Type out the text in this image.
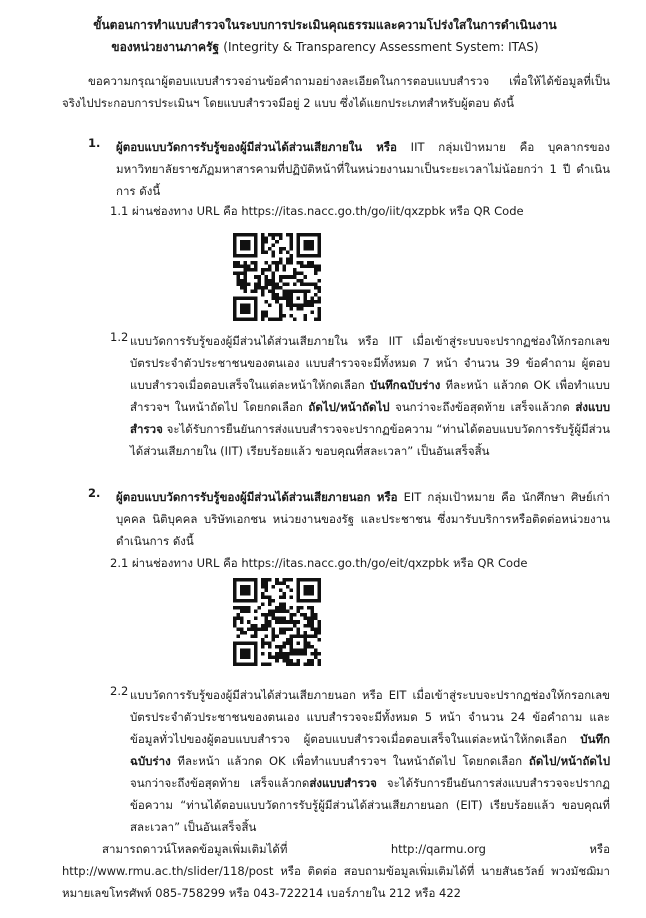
ขั้นตอนการทำแบบสำรวจในระบบการประเมินคุณธรรมและความโปร่งใสในการดำเนินงาน
ของหน่วยงานภาครัฐ (Integrity & Transparency Assessment System: ITAS)
ขอความกรุณาผู้ตอบแบบสำรวจอ่านข้อคำถามอย่างละเอียดในการตอบแบบสำรวจ เพื่อให้ได้ข้อมูลที่เป็นจริงไปประกอบการประเมินฯ โดยแบบสำรวจมีอยู่ 2 แบบ ซึ่งได้แยกประเภทสำหรับผู้ตอบ ดังนี้
1. ผู้ตอบแบบวัดการรับรู้ของผู้มีส่วนได้ส่วนเสียภายใน หรือ IIT กลุ่มเป้าหมาย คือ บุคลากรของมหาวิทยาลัยราชภัฏมหาสารคามที่ปฏิบัติหน้าที่ในหน่วยงานมาเป็นระยะเวลาไม่น้อยกว่า 1 ปี ดำเนินการ ดังนี้
1.1 ผ่านช่องทาง URL คือ https://itas.nacc.go.th/go/iit/qxzpbk หรือ QR Code
1.2 แบบวัดการรับรู้ของผู้มีส่วนได้ส่วนเสียภายใน หรือ IIT เมื่อเข้าสู่ระบบจะปรากฏช่องให้กรอกเลขบัตรประจำตัวประชาชนของตนเอง แบบสำรวจจะมีทั้งหมด 7 หน้า จำนวน 39 ข้อคำถาม ผู้ตอบแบบสำรวจเมื่อตอบเสร็จในแต่ละหน้าให้กดเลือก บันทึกฉบับร่าง ทีละหน้า แล้วกด OK เพื่อทำแบบสำรวจฯ ในหน้าถัดไป โดยกดเลือก ถัดไป/หน้าถัดไป จนกว่าจะถึงข้อสุดท้าย เสร็จแล้วกด ส่งแบบสำรวจ จะได้รับการยืนยันการส่งแบบสำรวจจะปรากฏข้อความ “ท่านได้ตอบแบบวัดการรับรู้ผู้มีส่วนได้ส่วนเสียภายใน (IIT) เรียบร้อยแล้ว ขอบคุณที่สละเวลา” เป็นอันเสร็จสิ้น
2. ผู้ตอบแบบวัดการรับรู้ของผู้มีส่วนได้ส่วนเสียภายนอก หรือ EIT กลุ่มเป้าหมาย คือ นักศึกษา ศิษย์เก่า บุคคล นิติบุคคล บริษัทเอกชน หน่วยงานของรัฐ และประชาชน ซึ่งมารับบริการหรือติดต่อหน่วยงาน ดำเนินการ ดังนี้
2.1 ผ่านช่องทาง URL คือ https://itas.nacc.go.th/go/eit/qxzpbk หรือ QR Code
2.2 แบบวัดการรับรู้ของผู้มีส่วนได้ส่วนเสียภายนอก หรือ EIT เมื่อเข้าสู่ระบบจะปรากฏช่องให้กรอกเลขบัตรประจำตัวประชาชนของตนเอง แบบสำรวจจะมีทั้งหมด 5 หน้า จำนวน 24 ข้อคำถาม และข้อมูลทั่วไปของผู้ตอบแบบสำรวจ ผู้ตอบแบบสำรวจเมื่อตอบเสร็จในแต่ละหน้าให้กดเลือก บันทึกฉบับร่าง ทีละหน้า แล้วกด OK เพื่อทำแบบสำรวจฯ ในหน้าถัดไป โดยกดเลือก ถัดไป/หน้าถัดไป จนกว่าจะถึงข้อสุดท้าย เสร็จแล้วกดส่งแบบสำรวจ จะได้รับการยืนยันการส่งแบบสำรวจจะปรากฏข้อความ “ท่านได้ตอบแบบวัดการรับรู้ผู้มีส่วนได้ส่วนเสียภายนอก (EIT) เรียบร้อยแล้ว ขอบคุณที่สละเวลา” เป็นอันเสร็จสิ้น
สามารถดาวน์โหลดข้อมูลเพิ่มเติมได้ที่ http://qarmu.org หรือ http://www.rmu.ac.th/slider/118/post หรือ ติดต่อ สอบถามข้อมูลเพิ่มเติมได้ที่ นายสันธวัลย์ พวงมัชฌิมา หมายเลขโทรศัพท์ 085-758299 หรือ 043-722214 เบอร์ภายใน 212 หรือ 422
